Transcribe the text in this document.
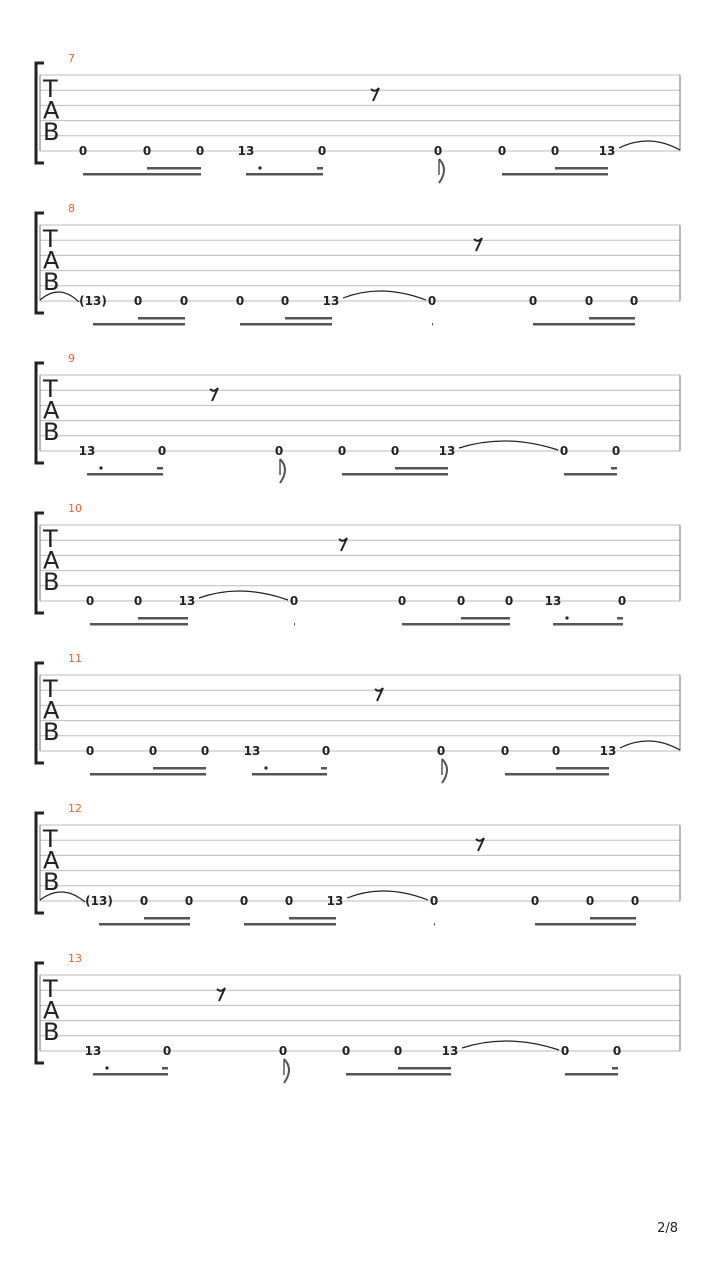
7
T
A
B
0	0	0	13	0	0	0	0	13
8
T
A
B
(13) 0	0	0	0	13	0	0	0	0
9
T
A
B
13	0	0	0	0	13	0	0
10
T
A
B
0	0	13	0	0	0	0	13	0
11
T
A
B
0	0	0	13	0	0	0	0	13
12
T
A
B
(13) 0	0	0	0	13	0	0	0	0
13
T
A
B
13	0	0	0	0	13	0	0
2/8
